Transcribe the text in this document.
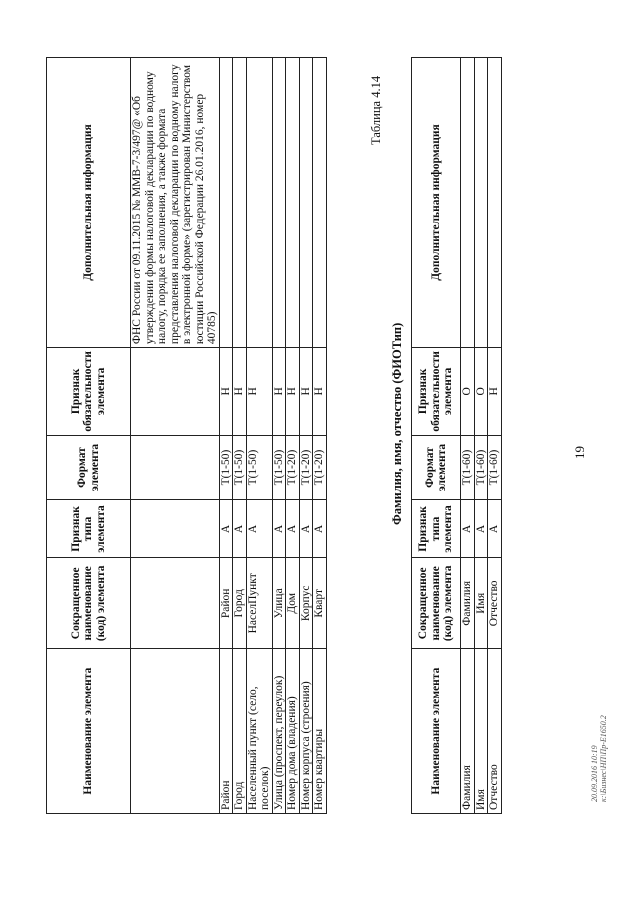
19
Наименование элемента	Сокращенное наименование (код) элемента	Признак типа элемента	Формат элемента	Признак обязательности элемента	Дополнительная информация
					ФНС России от 09.11.2015 № ММВ-7-3/497@ «Об утверждении формы налоговой декларации по водному налогу, порядка ее заполнения, а также формата представления налоговой декларации по водному налогу в электронной форме» (зарегистрирован Министерством юстиции Российской Федерации 26.01.2016, номер 40785)
Район	Район	А	T(1-50)	Н	
Город	Город	А	T(1-50)	Н	
Населенный пункт (село, поселок)	НаселПункт	А	T(1-50)	Н	
Улица (проспект, переулок)	Улица	А	T(1-50)	Н	
Номер дома (владения)	Дом	А	T(1-20)	Н	
Номер корпуса (строения)	Корпус	А	T(1-20)	Н	
Номер квартиры	Кварт	А	T(1-20)	Н	
Таблица 4.14
Фамилия, имя, отчество (ФИОТип)
Наименование элемента	Сокращенное наименование (код) элемента	Признак типа элемента	Формат элемента	Признак обязательности элемента	Дополнительная информация
Фамилия	Фамилия	А	T(1-60)	О	
Имя	Имя	А	T(1-60)	О	
Отчество	Отчество	А	T(1-60)	Н	
20.09.2016 10:19 к:\Бизнес\НП\Пр-Е1650.2
